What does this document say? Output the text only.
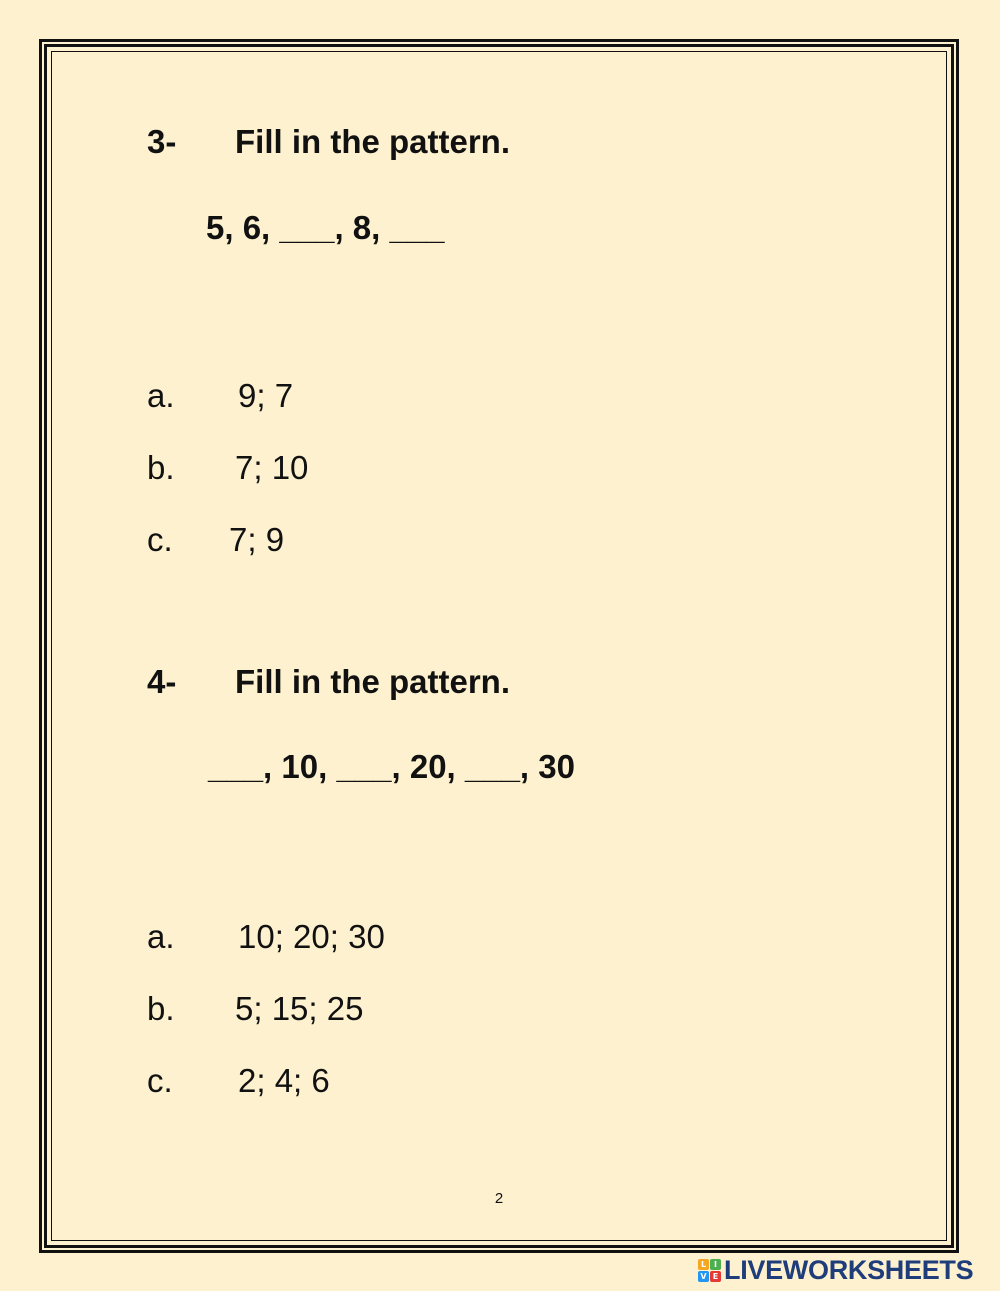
3- Fill in the pattern.
5, 6, ___, 8, ___
a. 9; 7
b. 7; 10
c. 7; 9
4- Fill in the pattern.
___, 10, ___, 20, ___, 30
a. 10; 20; 30
b. 5; 15; 25
c. 2; 4; 6
2
L I
V E LIVEWORKSHEETS
